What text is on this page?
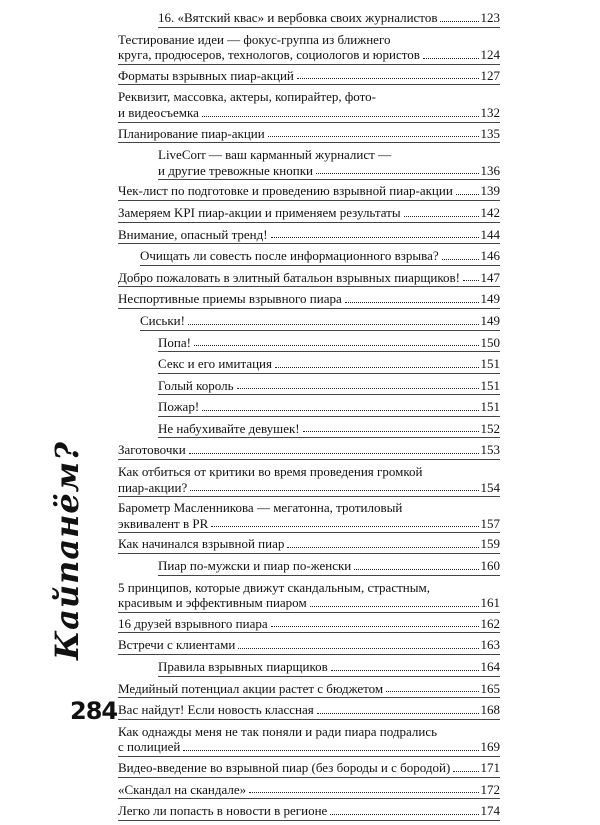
16. «Вятский квас» и вербовка своих журналистов	123
Тестирование идеи — фокус-группа из ближнего
круга, продюсеров, технологов, социологов и юристов	124
Форматы взрывных пиар-акций	127
Реквизит, массовка, актеры, копирайтер, фото-
и видеосъемка	132
Планирование пиар-акции	135
LiveCorr — ваш карманный журналист —
и другие тревожные кнопки	136
Чек-лист по подготовке и проведению взрывной пиар-акции 139
Замеряем KPI пиар-акции и применяем результаты	142
Внимание, опасный тренд!	144
Очищать ли совесть после информационного взрыва?	146
Добро пожаловать в элитный батальон взрывных пиарщиков! 147
Неспортивные приемы взрывного пиара	149
Сиськи!	149
Попа!	150
Секс и его имитация	151
Голый король	151
Пожар!	151
Не набухивайте девушек!	152
Заготовочки	153
Как отбиться от критики во время проведения громкой
пиар-акции?	154
Барометр Масленникова — мегатонна, тротиловый
эквивалент в PR	157
Как начинался взрывной пиар	159
Пиар по-мужски и пиар по-женски	160
5 принципов, которые движут скандальным, страстным,
красивым и эффективным пиаром	161
16 друзей взрывного пиара	162
Встречи с клиентами	163
Правила взрывных пиарщиков	164
Медийный потенциал акции растет с бюджетом	165
Вас найдут! Если новость классная	168
Как однажды меня не так поняли и ради пиара подрались
с полицией	169
Видео-введение во взрывной пиар (без бороды и с бородой) 171
«Скандал на скандале»	172
Легко ли попасть в новости в регионе	174
Кайпанём?
284
